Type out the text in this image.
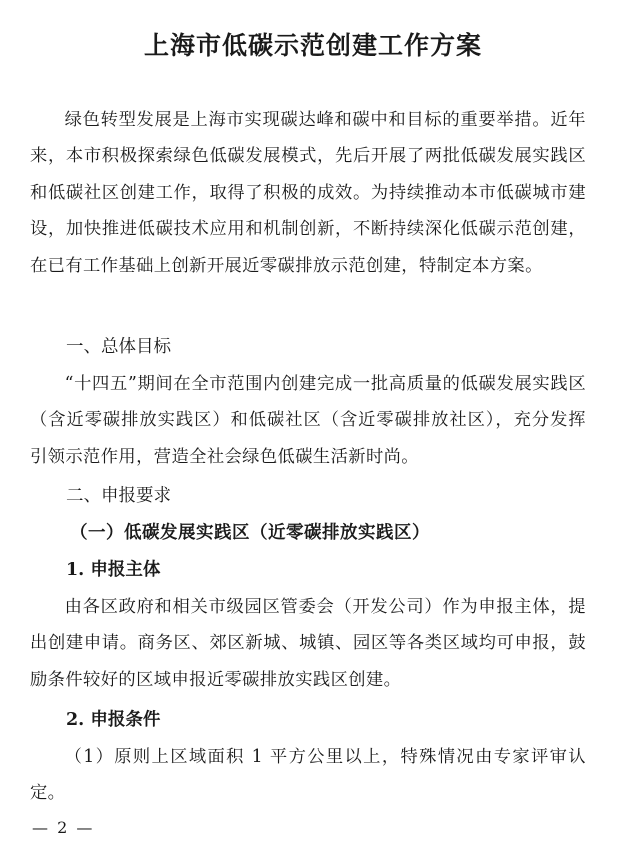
上海市低碳示范创建工作方案

绿色转型发展是上海市实现碳达峰和碳中和目标的重要举措。近年来，本市积极探索绿色低碳发展模式，先后开展了两批低碳发展实践区和低碳社区创建工作，取得了积极的成效。为持续推动本市低碳城市建设，加快推进低碳技术应用和机制创新，不断持续深化低碳示范创建，在已有工作基础上创新开展近零碳排放示范创建，特制定本方案。

一、总体目标

“十四五”期间在全市范围内创建完成一批高质量的低碳发展实践区（含近零碳排放实践区）和低碳社区（含近零碳排放社区），充分发挥引领示范作用，营造全社会绿色低碳生活新时尚。

二、申报要求

（一）低碳发展实践区（近零碳排放实践区）

1. 申报主体

由各区政府和相关市级园区管委会（开发公司）作为申报主体，提出创建申请。商务区、郊区新城、城镇、园区等各类区域均可申报，鼓励条件较好的区域申报近零碳排放实践区创建。

2. 申报条件

（1）原则上区域面积 1 平方公里以上，特殊情况由专家评审认定。

— 2 —
